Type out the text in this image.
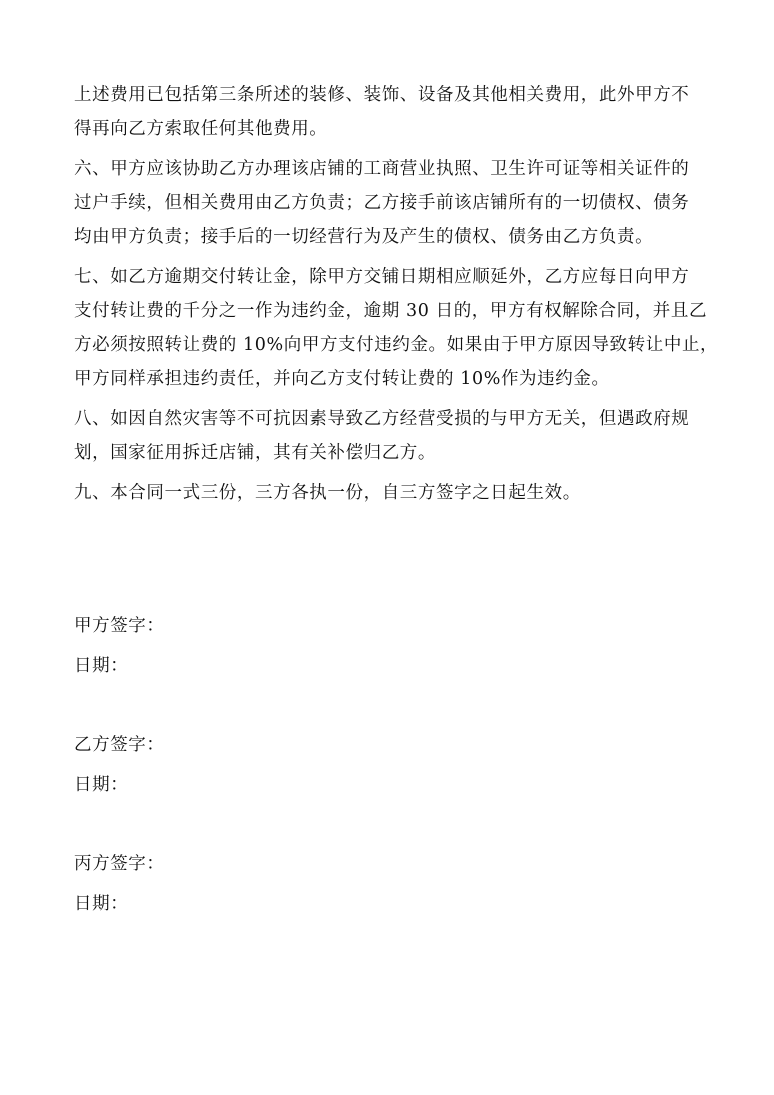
上述费用已包括第三条所述的装修、装饰、设备及其他相关费用，此外甲方不
得再向乙方索取任何其他费用。

六、甲方应该协助乙方办理该店铺的工商营业执照、卫生许可证等相关证件的
过户手续，但相关费用由乙方负责；乙方接手前该店铺所有的一切债权、债务
均由甲方负责；接手后的一切经营行为及产生的债权、债务由乙方负责。

七、如乙方逾期交付转让金，除甲方交铺日期相应顺延外，乙方应每日向甲方
支付转让费的千分之一作为违约金，逾期 30 日的，甲方有权解除合同，并且乙
方必须按照转让费的 10%向甲方支付违约金。如果由于甲方原因导致转让中止，
甲方同样承担违约责任，并向乙方支付转让费的 10%作为违约金。

八、如因自然灾害等不可抗因素导致乙方经营受损的与甲方无关，但遇政府规
划，国家征用拆迁店铺，其有关补偿归乙方。

九、本合同一式三份，三方各执一份，自三方签字之日起生效。

甲方签字：
日期：
乙方签字：
日期：
丙方签字：
日期：
